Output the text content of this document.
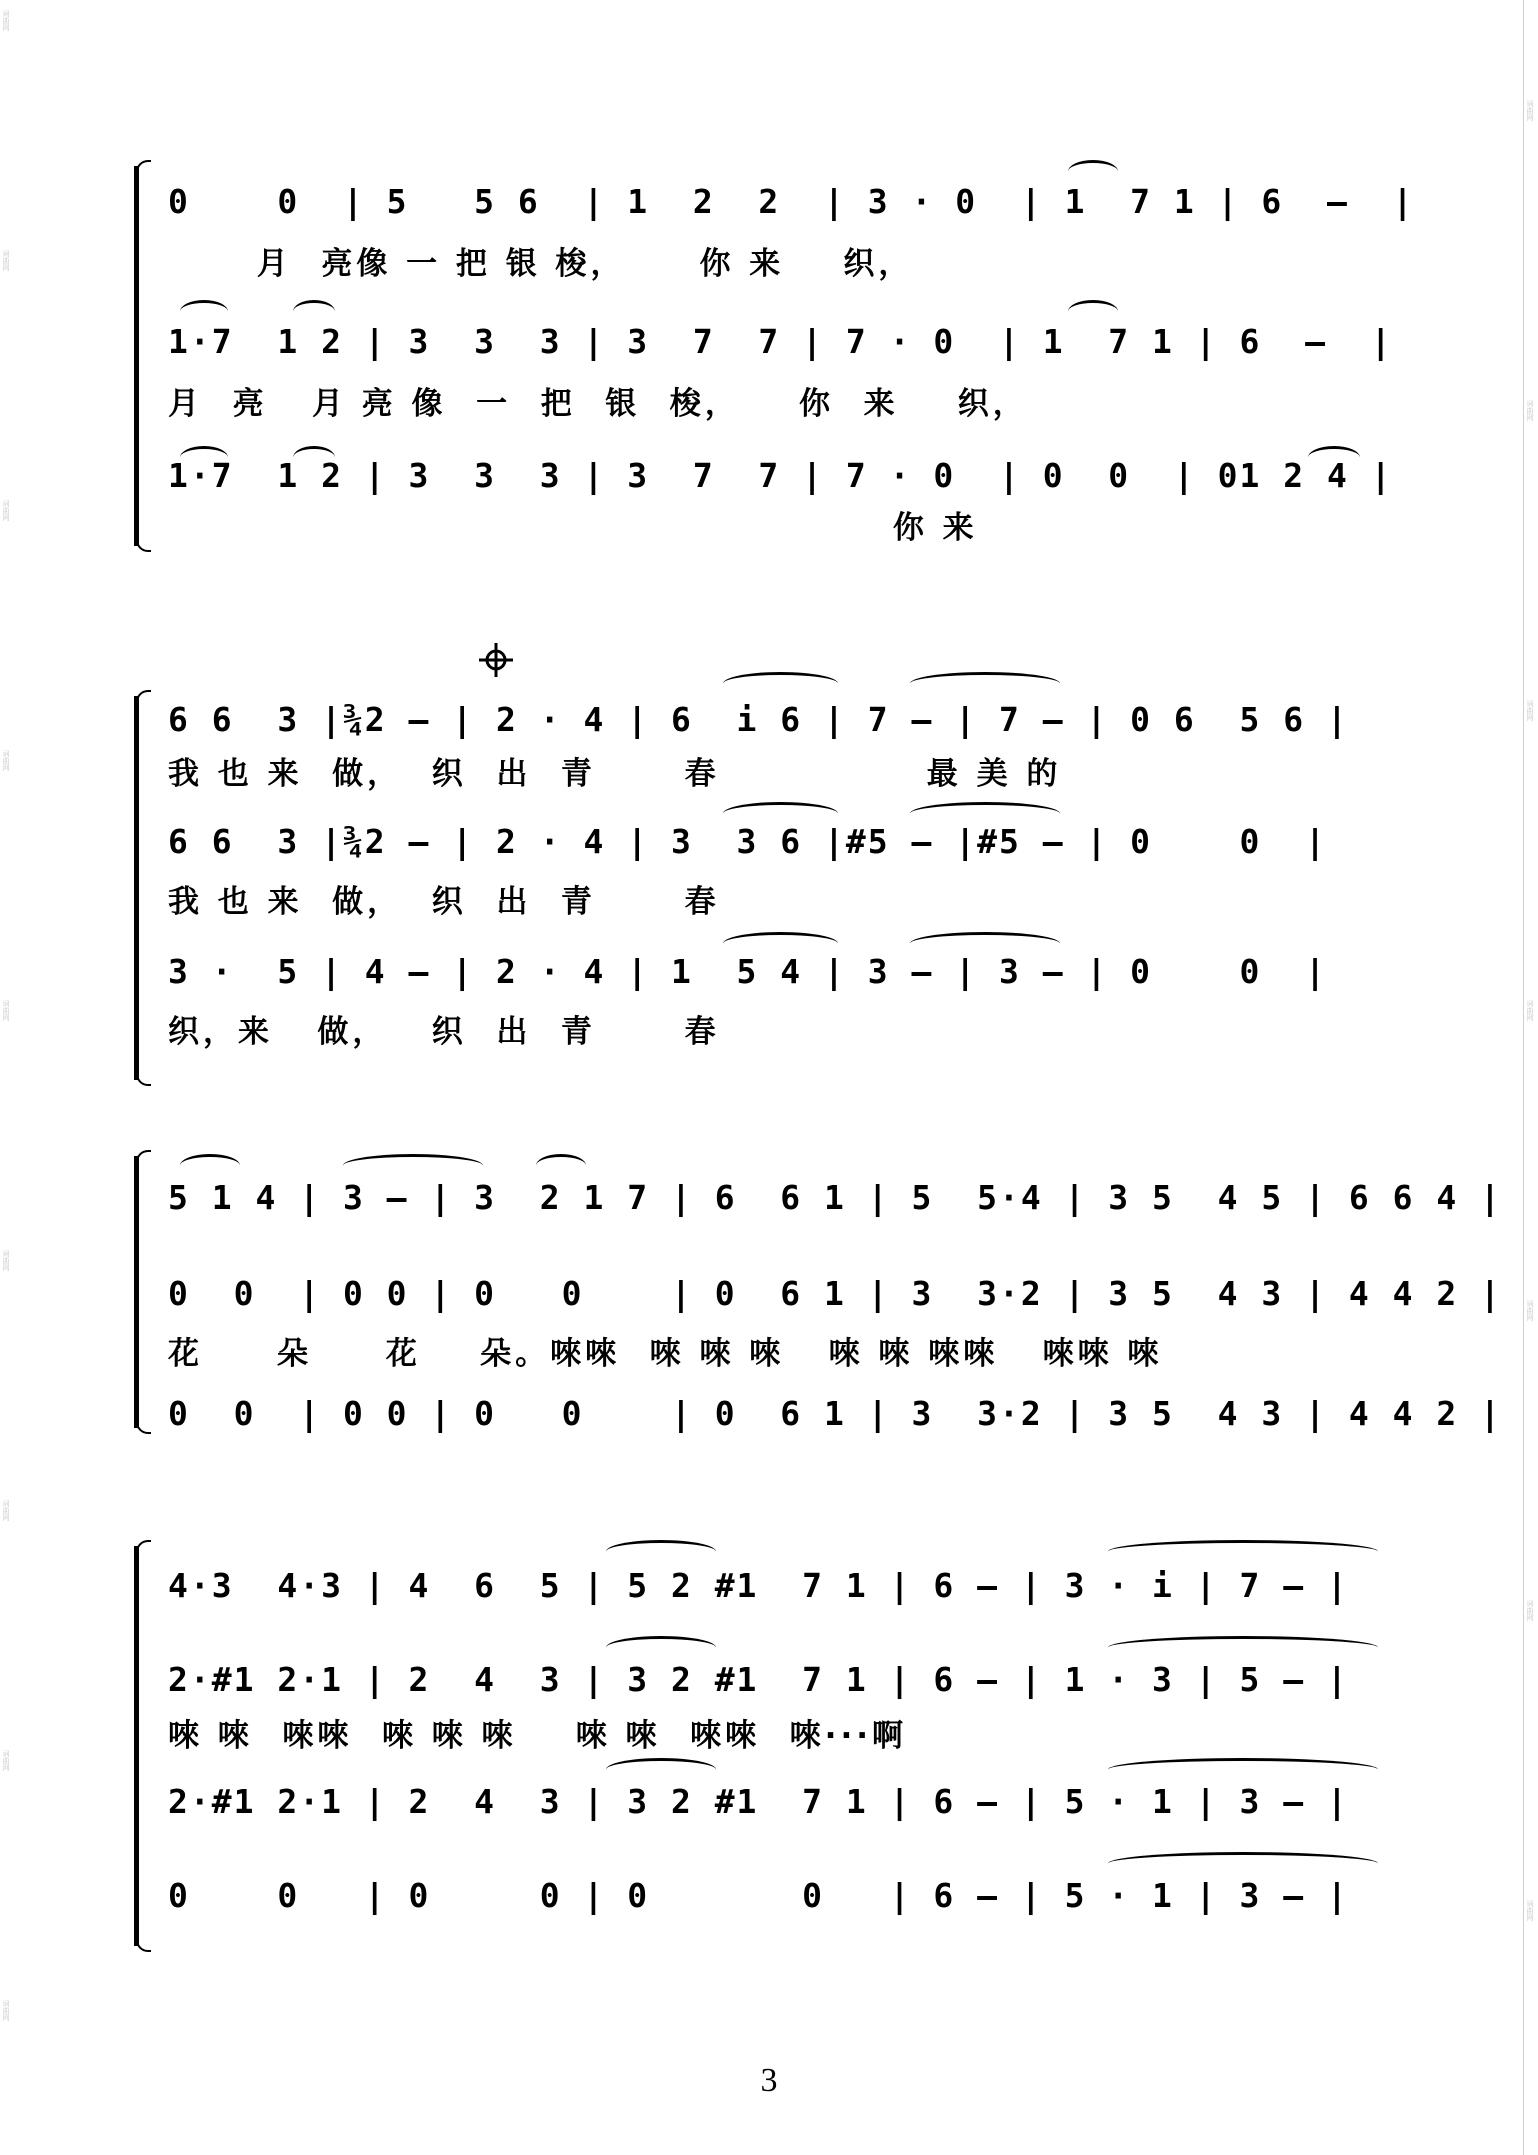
词曲网
词曲网
词曲网
词曲网
词曲网
词曲网
词曲网
词曲网
词曲网
词曲网
词曲网
词曲网
词曲网
词曲网
词曲网
词曲网
0    0  | 5   5 6  | 1  2  2  | 3 · 0  | 1  7 1 | 6  –  |
月  亮像 一 把 银 梭，     你 来    织，
1·7  1 2 | 3  3  3 | 3  7  7 | 7 · 0  | 1  7 1 | 6  –  |
月  亮   月 亮 像  一  把  银  梭，    你  来    织，
1·7  1 2 | 3  3  3 | 3  7  7 | 7 · 0  | 0  0  | 01 2 4 |
你 来
6 6  3 |¾2 – | 2 · 4 | 6  i 6 | 7 – | 7 – | 0 6  5 6 |
我 也 来  做，  织  出  青      春              最 美 的
6 6  3 |¾2 – | 2 · 4 | 3  3 6 |#5 – |#5 – | 0    0  |
我 也 来  做，  织  出  青      春
3 ·  5 | 4 – | 2 · 4 | 1  5 4 | 3 – | 3 – | 0    0  |
织，来   做，   织  出  青      春
5 1 4 | 3 – | 3  2 1 7 | 6  6 1 | 5  5·4 | 3 5  4 5 | 6 6 4 |
0  0  | 0 0 | 0   0    | 0  6 1 | 3  3·2 | 3 5  4 3 | 4 4 2 |
花     朵     花    朵。唻唻  唻 唻 唻   唻 唻 唻唻   唻唻 唻
0  0  | 0 0 | 0   0    | 0  6 1 | 3  3·2 | 3 5  4 3 | 4 4 2 |
4·3  4·3 | 4  6  5 | 5 2 #1  7 1 | 6 – | 3 · i | 7 – |
2·#1 2·1 | 2  4  3 | 3 2 #1  7 1 | 6 – | 1 · 3 | 5 – |
唻 唻  唻唻  唻 唻 唻    唻 唻  唻唻  唻···啊
2·#1 2·1 | 2  4  3 | 3 2 #1  7 1 | 6 – | 5 · 1 | 3 – |
0    0   | 0     0 | 0       0   | 6 – | 5 · 1 | 3 – |
3
